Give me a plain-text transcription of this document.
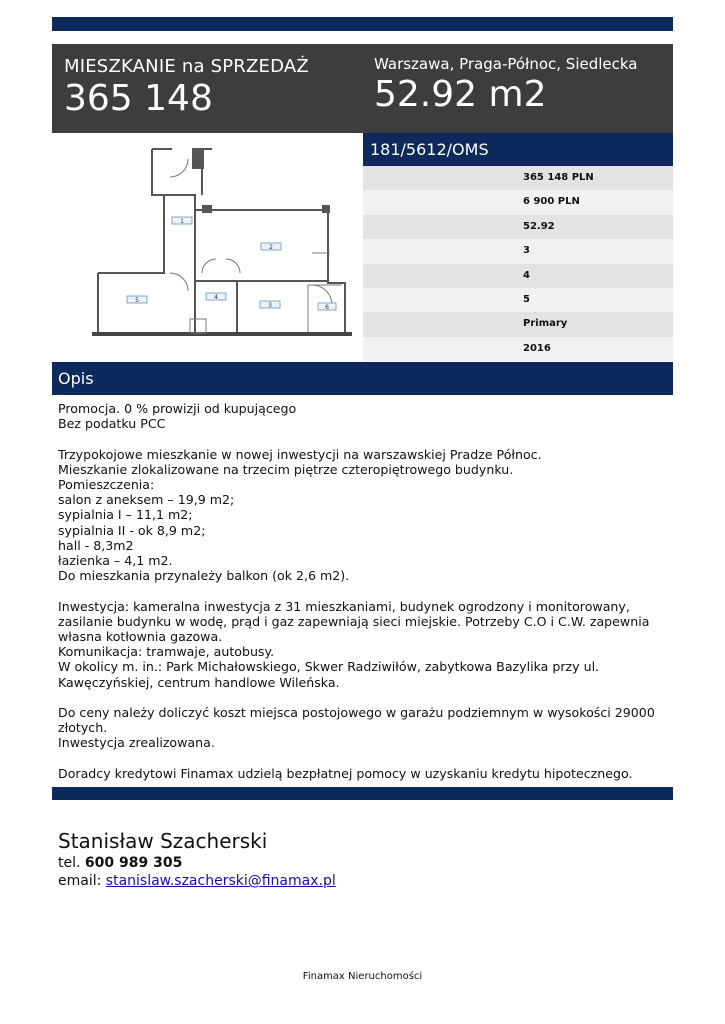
MIESZKANIE na SPRZEDAŻ
365 148
Warszawa, Praga-Północ, Siedlecka
52.92 m2
1
2
3
4
5
6
181/5612/OMS
365 148 PLN
6 900 PLN
52.92
3
4
5
Primary
2016
Opis

Promocja. 0 % prowizji od kupującego

Bez podatku PCC

Trzypokojowe mieszkanie w nowej inwestycji na warszawskiej Pradze Północ.

Mieszkanie zlokalizowane na trzecim piętrze czteropiętrowego budynku.

Pomieszczenia:

salon z aneksem – 19,9 m2;

sypialnia I – 11,1 m2;

sypialnia II - ok 8,9 m2;

hall - 8,3m2

łazienka – 4,1 m2.

Do mieszkania przynależy balkon (ok 2,6 m2).

Inwestycja: kameralna inwestycja z 31 mieszkaniami, budynek ogrodzony i monitorowany,

zasilanie budynku w wodę, prąd i gaz zapewniają sieci miejskie. Potrzeby C.O i C.W. zapewnia

własna kotłownia gazowa.

Komunikacja: tramwaje, autobusy.

W okolicy m. in.: Park Michałowskiego, Skwer Radziwiłów, zabytkowa Bazylika przy ul.

Kawęczyńskiej, centrum handlowe Wileńska.

Do ceny należy doliczyć koszt miejsca postojowego w garażu podziemnym w wysokości 29000

złotych.

Inwestycja zrealizowana.

Doradcy kredytowi Finamax udzielą bezpłatnej pomocy w uzyskaniu kredytu hipotecznego.

Stanisław Szacherski
tel. 600 989 305
email: stanislaw.szacherski@finamax.pl
Finamax Nieruchomości
